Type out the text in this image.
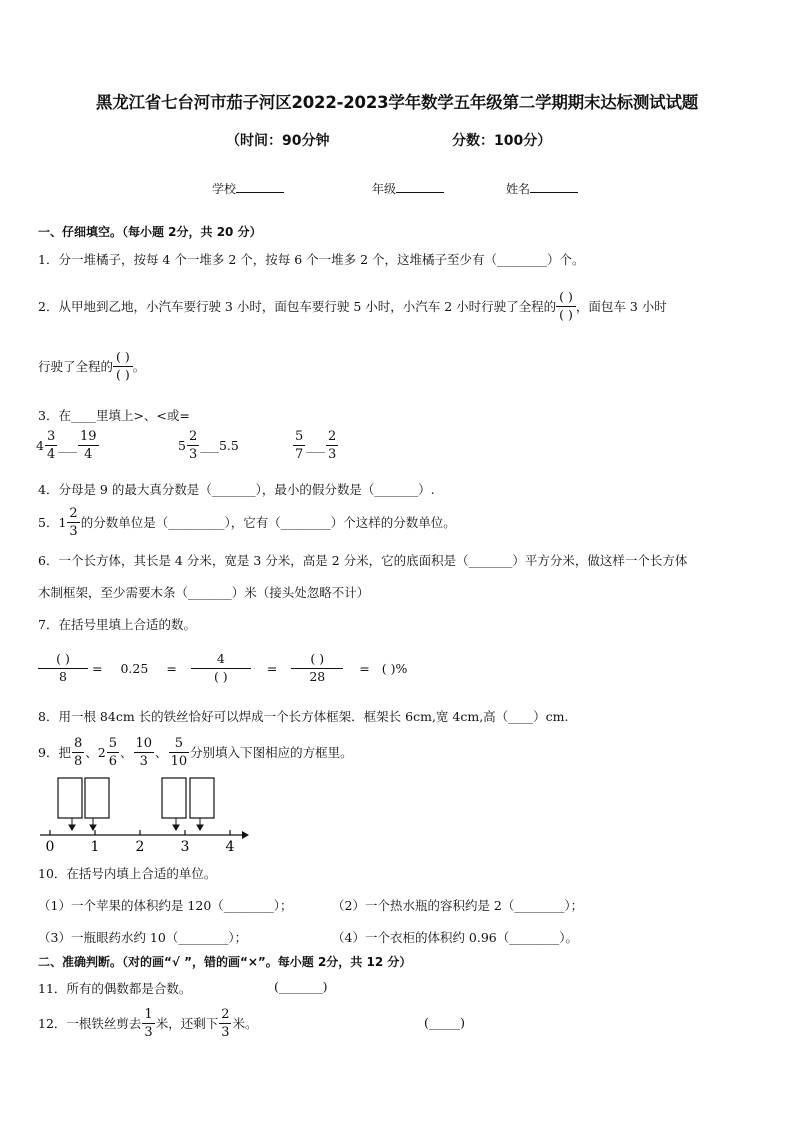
黑龙江省七台河市茄子河区2022-2023学年数学五年级第二学期期末达标测试试题
（时间：90分钟	分数：100分）
学校	年级	姓名
一、仔细填空。（每小题 2分，共 20 分）
1．分一堆橘子，按每 4 个一堆多 2 个，按每 6 个一堆多 2 个，这堆橘子至少有（________）个。
2．从甲地到乙地，小汽车要行驶 3 小时，面包车要行驶 5 小时，小汽车 2 小时行驶了全程的
( )
( ) ，面包车 3 小时
行驶了全程的
( )
( ) 。
3．在____里填上>、<或=
$4 \frac{3}{4}$ ___ $\frac{19}{4}$	$5 \frac{2}{3}$ ___ 5.5	$\frac{5}{7}$ ___ $\frac{2}{3}$
4．分母是 9 的最大真分数是（_______），最小的假分数是（_______）.
5． $1 \frac{2}{3}$ 的分数单位是（_________），它有（________）个这样的分数单位。
6．一个长方体，其长是 4 分米，宽是 3 分米，高是 2 分米，它的底面积是（_______）平方分米，做这样一个长方体
木制框架，至少需要木条（_______）米（接头处忽略不计）
7．在括号里填上合适的数。
( )
8
= 0.25 =
4
( )
=
( )
28
= ( )%
8．用一根 84cm 长的铁丝恰好可以焊成一个长方体框架．框架长 6cm,宽 4cm,高（____）cm.
9．把 $\frac{8}{8}$ 、 $2 \frac{5}{6}$ 、 $\frac{10}{3}$ 、 $\frac{5}{10}$ 分别填入下图相应的方框里。
0	1	2	3	4
10．在括号内填上合适的单位。
（1）一个苹果的体积约是 120（________）；	（2）一个热水瓶的容积约是 2（________）；
（3）一瓶眼药水约 10（________）；	（4）一个衣柜的体积约 0.96（________）。
二、准确判断。（对的画“√ ”，错的画“×”。每小题 2分，共 12 分）
11．所有的偶数都是合数。	(_______)
12．一根铁丝剪去 $\frac{1}{3}$ 米，还剩下 $\frac{2}{3}$ 米。	(_____)
